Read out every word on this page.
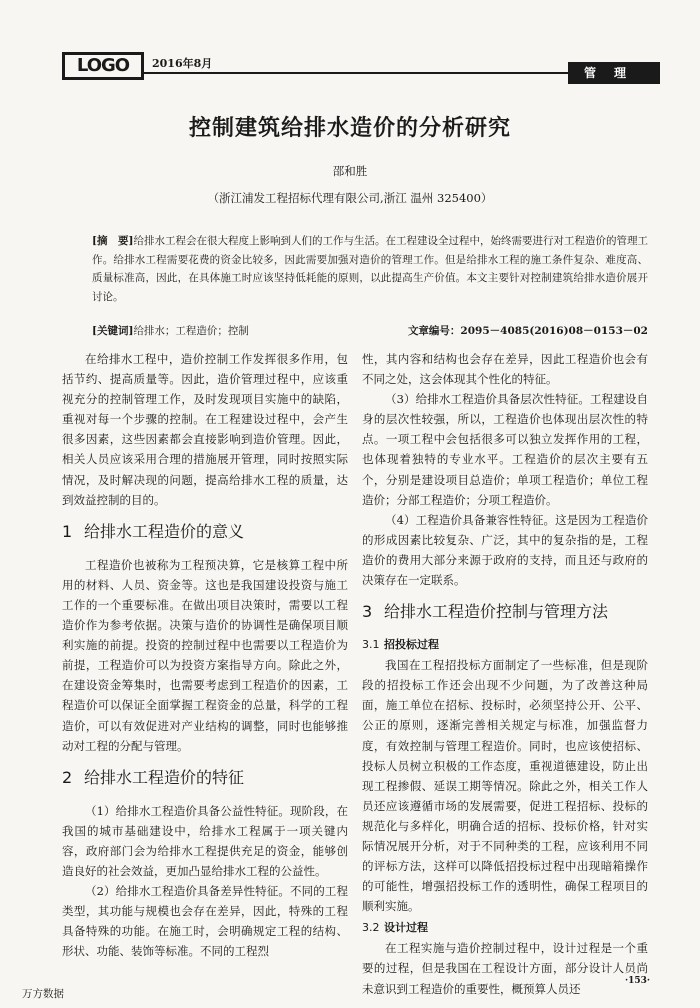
LOGO	2016年8月
管理
控制建筑给排水造价的分析研究
邵和胜
（浙江浦发工程招标代理有限公司,浙江 温州 325400）
[摘　要]给排水工程会在很大程度上影响到人们的工作与生活。在工程建设全过程中，始终需要进行对工程造价的管理工作。给排水工程需要花费的资金比较多，因此需要加强对造价的管理工作。但是给排水工程的施工条件复杂、难度高、质量标准高，因此，在具体施工时应该坚持低耗能的原则，以此提高生产价值。本文主要针对控制建筑给排水造价展开讨论。
文章编号：2095－4085(2016)08－0153－02
[关键词]给排水；工程造价；控制

在给排水工程中，造价控制工作发挥很多作用，包括节约、提高质量等。因此，造价管理过程中，应该重视充分的控制管理工作，及时发现项目实施中的缺陷，重视对每一个步骤的控制。在工程建设过程中，会产生很多因素，这些因素都会直接影响到造价管理。因此，相关人员应该采用合理的措施展开管理，同时按照实际情况，及时解决现的问题，提高给排水工程的质量，达到效益控制的目的。

1 给排水工程造价的意义

工程造价也被称为工程预决算，它是核算工程中所用的材料、人员、资金等。这也是我国建设投资与施工工作的一个重要标准。在做出项目决策时，需要以工程造价作为参考依据。决策与造价的协调性是确保项目顺利实施的前提。投资的控制过程中也需要以工程造价为前提，工程造价可以为投资方案指导方向。除此之外，在建设资金筹集时，也需要考虑到工程造价的因素，工程造价可以保证全面掌握工程资金的总量，科学的工程造价，可以有效促进对产业结构的调整，同时也能够推动对工程的分配与管理。

2 给排水工程造价的特征

（1）给排水工程造价具备公益性特征。现阶段，在我国的城市基础建设中，给排水工程属于一项关键内容，政府部门会为给排水工程提供充足的资金，能够创造良好的社会效益，更加凸显给排水工程的公益性。

（2）给排水工程造价具备差异性特征。不同的工程类型，其功能与规模也会存在差异，因此，特殊的工程具备特殊的功能。在施工时，会明确规定工程的结构、形状、功能、装饰等标准。不同的工程烈

性，其内容和结构也会存在差异，因此工程造价也会有不同之处，这会体现其个性化的特征。

（3）给排水工程造价具备层次性特征。工程建设自身的层次性较强，所以，工程造价也体现出层次性的特点。一项工程中会包括很多可以独立发挥作用的工程，也体现着独特的专业水平。工程造价的层次主要有五个，分别是建设项目总造价；单项工程造价；单位工程造价；分部工程造价；分项工程造价。

（4）工程造价具备兼容性特征。这是因为工程造价的形成因素比较复杂、广泛，其中的复杂指的是，工程造价的费用大部分来源于政府的支持，而且还与政府的决策存在一定联系。

3 给排水工程造价控制与管理方法
3.1 招投标过程

我国在工程招投标方面制定了一些标准，但是现阶段的招投标工作还会出现不少问题，为了改善这种局面，施工单位在招标、投标时，必须坚持公开、公平、公正的原则，逐渐完善相关规定与标准，加强监督力度，有效控制与管理工程造价。同时，也应该使招标、投标人员树立积极的工作态度，重视道德建设，防止出现工程掺假、延误工期等情况。除此之外，相关工作人员还应该遵循市场的发展需要，促进工程招标、投标的规范化与多样化，明确合适的招标、投标价格，针对实际情况展开分析，对于不同种类的工程，应该利用不同的评标方法，这样可以降低招投标过程中出现暗箱操作的可能性，增强招投标工作的透明性，确保工程项目的顺利实施。

3.2 设计过程

在工程实施与造价控制过程中，设计过程是一个重要的过程，但是我国在工程设计方面，部分设计人员尚未意识到工程造价的重要性，概预算人员还

·153·
万方数据
